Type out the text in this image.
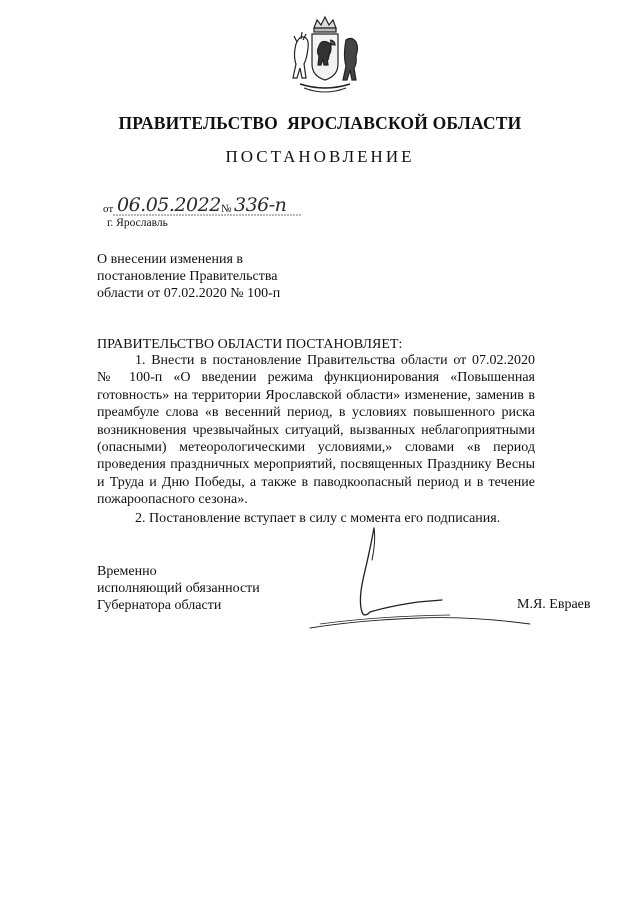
ПРАВИТЕЛЬСТВО  ЯРОСЛАВСКОЙ ОБЛАСТИ
ПОСТАНОВЛЕНИЕ
от 06.05.2022 № 336-п
г. Ярославль
О внесении изменения в
постановление Правительства
области от 07.02.2020 № 100-п
ПРАВИТЕЛЬСТВО ОБЛАСТИ ПОСТАНОВЛЯЕТ:

1. Внести в постановление Правительства области от 07.02.2020 № 100-п «О введении режима функционирования «Повышенная готовность» на территории Ярославской области» изменение, заменив в преамбуле слова «в весенний период, в условиях повышенного риска возникновения чрезвычайных ситуаций, вызванных неблагоприятными (опасными) метеорологическими условиями,» словами «в период проведения праздничных мероприятий, посвященных Празднику Весны и Труда и Дню Победы, а также в паводкоопасный период и в течение пожароопасного сезона».

2. Постановление вступает в силу с момента его подписания.

Временно
исполняющий обязанности
Губернатора области	М.Я. Евраев
